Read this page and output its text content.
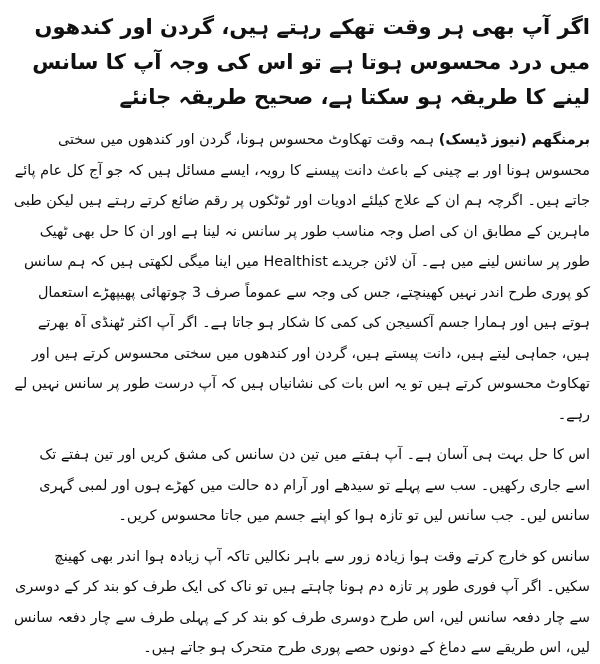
اگر آپ بھی ہر وقت تھکے رہتے ہیں، گردن اور کندھوں میں درد محسوس ہوتا ہے تو اس کی وجہ آپ کا سانس لینے کا طریقہ ہو سکتا ہے، صحیح طریقہ جانئے

برمنگھم (نیوز ڈیسک) ہمہ وقت تھکاوٹ محسوس ہونا، گردن اور کندھوں میں سختی محسوس ہونا اور بے چینی کے باعث دانت پیسنے کا رویہ، ایسے مسائل ہیں کہ جو آج کل عام پائے جاتے ہیں۔ اگرچہ ہم ان کے علاج کیلئے ادویات اور ٹوٹکوں پر رقم ضائع کرتے رہتے ہیں لیکن طبی ماہرین کے مطابق ان کی اصل وجہ مناسب طور پر سانس نہ لینا ہے اور ان کا حل بھی ٹھیک طور پر سانس لینے میں ہے۔ آن لائن جریدے Healthist میں اینا میگی لکھتی ہیں کہ ہم سانس کو پوری طرح اندر نہیں کھینچتے، جس کی وجہ سے عموماً صرف 3 چوتھائی پھیپھڑے استعمال ہوتے ہیں اور ہمارا جسم آکسیجن کی کمی کا شکار ہو جاتا ہے۔ اگر آپ اکثر ٹھنڈی آہ بھرتے ہیں، جماہی لیتے ہیں، دانت پیستے ہیں، گردن اور کندھوں میں سختی محسوس کرتے ہیں اور تھکاوٹ محسوس کرتے ہیں تو یہ اس بات کی نشانیاں ہیں کہ آپ درست طور پر سانس نہیں لے رہے۔

اس کا حل بہت ہی آسان ہے۔ آپ ہفتے میں تین دن سانس کی مشق کریں اور تین ہفتے تک اسے جاری رکھیں۔ سب سے پہلے تو سیدھے اور آرام دہ حالت میں کھڑے ہوں اور لمبی گہری سانس لیں۔ جب سانس لیں تو تازہ ہوا کو اپنے جسم میں جاتا محسوس کریں۔

سانس کو خارج کرتے وقت ہوا زیادہ زور سے باہر نکالیں تاکہ آپ زیادہ ہوا اندر بھی کھینچ سکیں۔ اگر آپ فوری طور پر تازہ دم ہونا چاہتے ہیں تو ناک کی ایک طرف کو بند کر کے دوسری سے چار دفعہ سانس لیں، اس طرح دوسری طرف کو بند کر کے پہلی طرف سے چار دفعہ سانس لیں، اس طریقے سے دماغ کے دونوں حصے پوری طرح متحرک ہو جاتے ہیں۔
